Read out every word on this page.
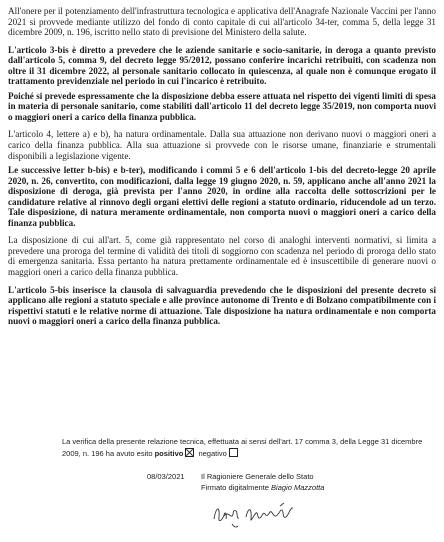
All'onere per il potenziamento dell'infrastruttura tecnologica e applicativa dell'Anagrafe Nazionale Vaccini per l'anno 2021 si provvede mediante utilizzo del fondo di conto capitale di cui all'articolo 34-ter, comma 5, della legge 31 dicembre 2009, n. 196, iscritto nello stato di previsione del Ministero della salute.

L'articolo 3-bis è diretto a prevedere che le aziende sanitarie e socio-sanitarie, in deroga a quanto previsto dall'articolo 5, comma 9, del decreto legge 95/2012, possano conferire incarichi retribuiti, con scadenza non oltre il 31 dicembre 2022, al personale sanitario collocato in quiescenza, al quale non è comunque erogato il trattamento previdenziale nel periodo in cui l'incarico è retribuito.

Poiché si prevede espressamente che la disposizione debba essere attuata nel rispetto dei vigenti limiti di spesa in materia di personale sanitario, come stabiliti dall'articolo 11 del decreto legge 35/2019, non comporta nuovi o maggiori oneri a carico della finanza pubblica.

L'articolo 4, lettere a) e b), ha natura ordinamentale. Dalla sua attuazione non derivano nuovi o maggiori oneri a carico della finanza pubblica. Alla sua attuazione si provvede con le risorse umane, finanziarie e strumentali disponibili a legislazione vigente.

Le successive letter b-bis) e b-ter), modificando i commi 5 e 6 dell'articolo 1-bis del decreto-legge 20 aprile 2020, n. 26, convertito, con modificazioni, dalla legge 19 giugno 2020, n. 59, applicano anche all'anno 2021 la disposizione di deroga, già prevista per l'anno 2020, in ordine alla raccolta delle sottoscrizioni per le candidature relative al rinnovo degli organi elettivi delle regioni a statuto ordinario, riducendole ad un terzo. Tale disposizione, di natura meramente ordinamentale, non comporta nuovi o maggiori oneri a carico della finanza pubblica.

La disposizione di cui all'art. 5, come già rappresentato nel corso di analoghi interventi normativi, si limita a prevedere una proroga del termine di validità dei titoli di soggiorno con scadenza nel periodo di proroga dello stato di emergenza sanitaria. Essa pertanto ha natura prettamente ordinamentale ed è insuscettibile di generare nuovi o maggiori oneri a carico della finanza pubblica.

L'articolo 5-bis inserisce la clausola di salvaguardia prevedendo che le disposizioni del presente decreto si applicano alle regioni a statuto speciale e alle province autonome di Trento e di Bolzano compatibilmente con i rispettivi statuti e le relative norme di attuazione. Tale disposizione ha natura ordinamentale e non comporta nuovi o maggiori oneri a carico della finanza pubblica.

La verifica della presente relazione tecnica, effettuata ai sensi dell'art. 17 comma 3, della Legge 31 dicembre 2009, n. 196 ha avuto esito positivo negativo

08/03/2021 Il Ragioniere Generale dello Stato
Firmato digitalmente Biagio Mazzotta
